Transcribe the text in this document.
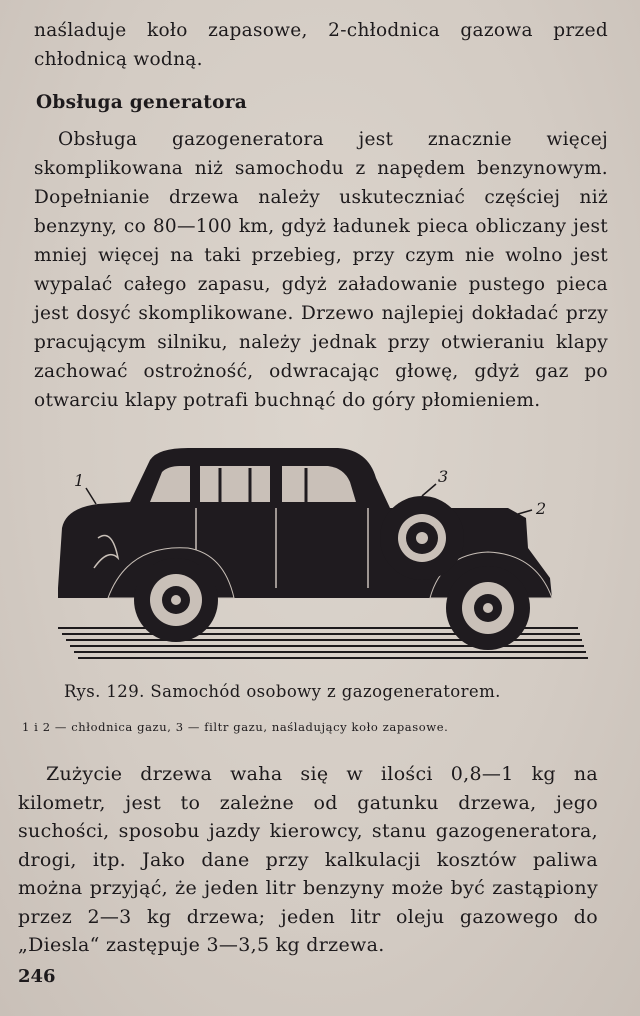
naśladuje koło zapasowe, 2-chłodnica gazowa przed chłodnicą wodną.
Obsługa generatora
Obsługa gazogeneratora jest znacznie więcej skomplikowana niż samochodu z napędem benzynowym. Dopełnianie drzewa należy uskuteczniać częściej niż benzyny, co 80—100 km, gdyż ładunek pieca obliczany jest mniej więcej na taki przebieg, przy czym nie wolno jest wypalać całego zapasu, gdyż załadowanie pustego pieca jest dosyć skomplikowane. Drzewo najlepiej dokładać przy pracującym silniku, należy jednak przy otwieraniu klapy zachować ostrożność, odwracając głowę, gdyż gaz po otwarciu klapy potrafi buchnąć do góry płomieniem.
1	3
2
Rys. 129. Samochód osobowy z gazogeneratorem.
1 i 2 — chłodnica gazu, 3 — filtr gazu, naśladujący koło zapasowe.
Zużycie drzewa waha się w ilości 0,8—1 kg na kilometr, jest to zależne od gatunku drzewa, jego suchości, sposobu jazdy kierowcy, stanu gazogeneratora, drogi, itp. Jako dane przy kalkulacji kosztów paliwa można przyjąć, że jeden litr benzyny może być zastąpiony przez 2—3 kg drzewa; jeden litr oleju gazowego do „Diesla“ zastępuje 3—3,5 kg drzewa.
246
